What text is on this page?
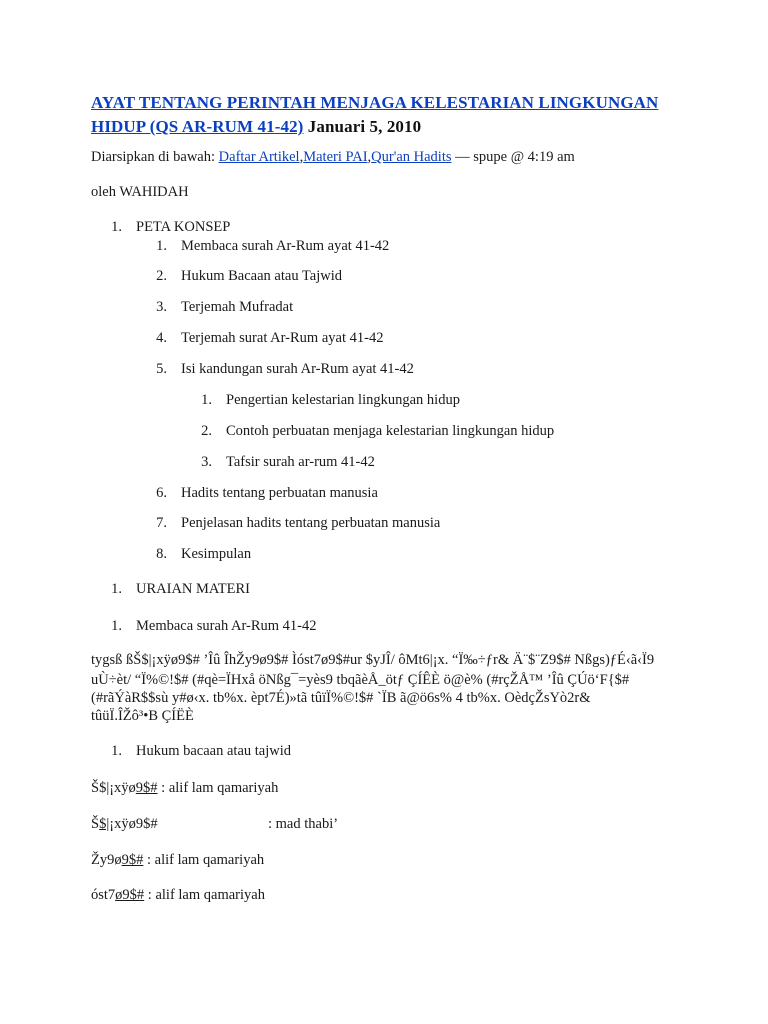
AYAT TENTANG PERINTAH MENJAGA KELESTARIAN LINGKUNGAN HIDUP (QS AR-RUM 41-42) Januari 5, 2010
Diarsipkan di bawah: Daftar Artikel,Materi PAI,Qur'an Hadits — spupe @ 4:19 am
oleh WAHIDAH
1. PETA KONSEP
1. Membaca surah Ar-Rum ayat 41-42
2. Hukum Bacaan atau Tajwid
3. Terjemah Mufradat
4. Terjemah surat Ar-Rum ayat 41-42
5. Isi kandungan surah Ar-Rum ayat 41-42
1. Pengertian kelestarian lingkungan hidup
2. Contoh perbuatan menjaga kelestarian lingkungan hidup
3. Tafsir surah ar-rum 41-42
6. Hadits tentang perbuatan manusia
7. Penjelasan hadits tentang perbuatan manusia
8. Kesimpulan
1. URAIAN MATERI
1. Membaca surah Ar-Rum 41-42
tygsß ßŠ$|¡xÿø9$# ’Îû ÎhŽy9ø9$# Ìóst7ø9$#ur $yJÎ/ ôMt6|¡x. “Ï‰÷ƒr& Ä¨$¨Z9$# Nßgs)ƒÉ‹ã‹Ï9
uÙ÷èt/ “Ï%©!$# (#qè=ÏHxå öNßg¯=yès9 tbqãèÅ_ötƒ ÇÍÊÈ ö@è% (#rçŽÅ™ ’Îû ÇÚö‘F{$#
(#rãÝàR$$sù y#ø‹x. tb%x. èpt7É)»tã tûïÏ%©!$# `ÏB ã@ö6s% 4 tb%x. OèdçŽsYò2r&
tûüÏ.ÎŽô³•B ÇÍËÈ
1. Hukum bacaan atau tajwid
Š$|¡xÿø9$# : alif lam qamariyah
Š$|¡xÿø9$#	: mad thabi’
Žy9ø9$# : alif lam qamariyah
óst7ø9$# : alif lam qamariyah
